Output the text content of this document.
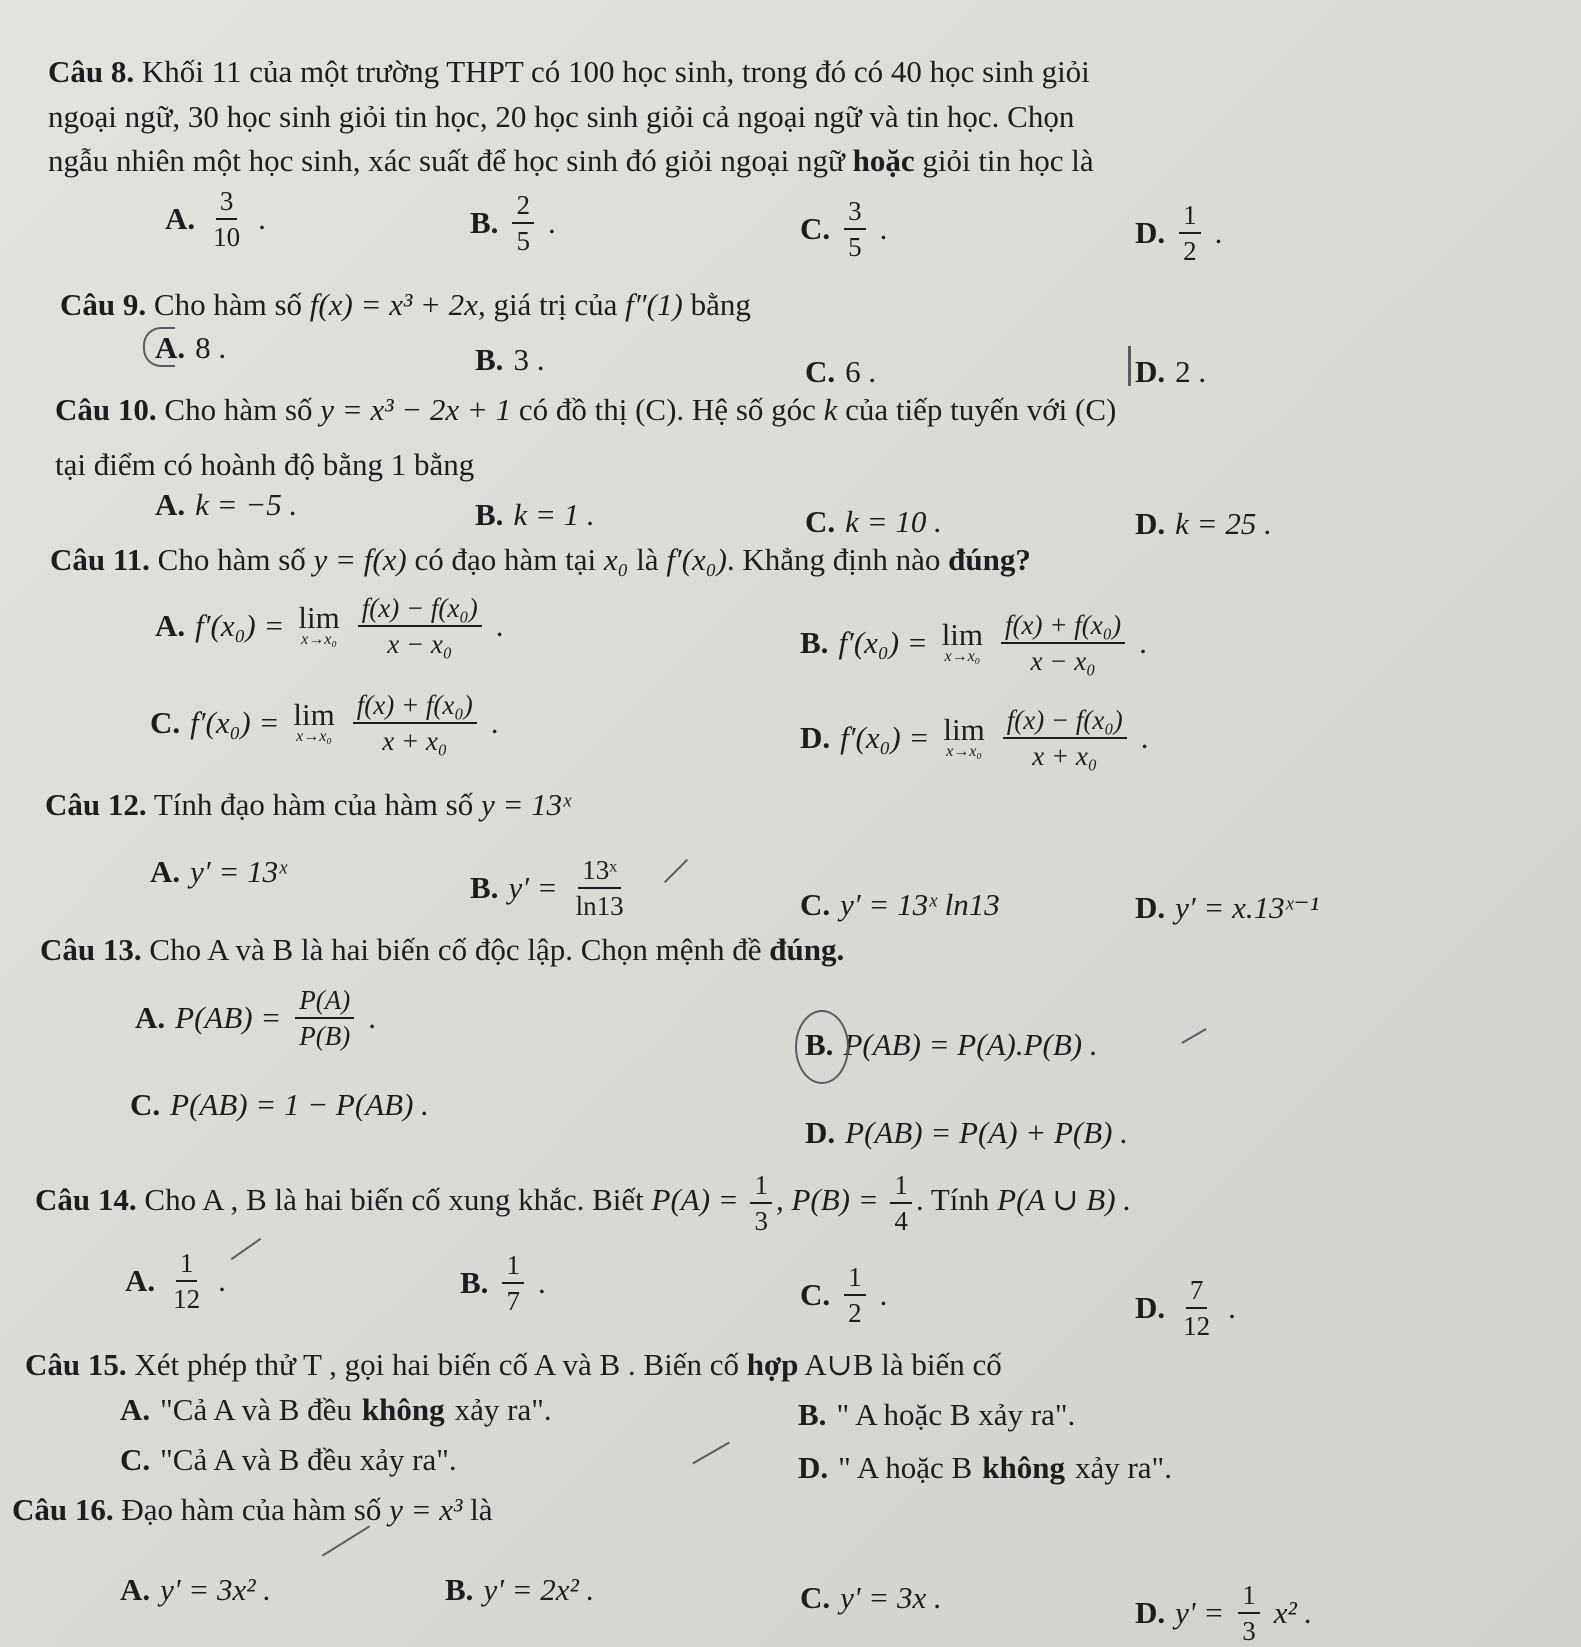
Câu 8. Khối 11 của một trường THPT có 100 học sinh, trong đó có 40 học sinh giỏi
ngoại ngữ, 30 học sinh giỏi tin học, 20 học sinh giỏi cả ngoại ngữ và tin học. Chọn
ngẫu nhiên một học sinh, xác suất để học sinh đó giỏi ngoại ngữ hoặc giỏi tin học là
A. $\frac{3}{10}$ .	B. $\frac{2}{5}$ .	C. $\frac{3}{5}$ .	D. $\frac{1}{2}$ .
Câu 9. Cho hàm số f(x) = x³ + 2x, giá trị của f″(1) bằng
A. 8 .	B. 3 .	C. 6 .	D. 2 .
Câu 10. Cho hàm số y = x³ − 2x + 1 có đồ thị (C). Hệ số góc k của tiếp tuyến với (C)
tại điểm có hoành độ bằng 1 bằng
A. k = −5 .	B. k = 1 .	C. k = 10 .	D. k = 25 .
Câu 11. Cho hàm số y = f(x) có đạo hàm tại x₀ là f′(x₀). Khẳng định nào đúng?
A. f′(x₀) = lim
$x\to x_0 \frac{\text{f(x) − f(x₀)}}{\text{x − x₀}}$ .	B. f′(x₀) = lim
$x\to x_0 \frac{\text{f(x) + f(x₀)}}{\text{x − x₀}}$ .
C. f′(x₀) = lim
$x\to x_0 \frac{\text{f(x) + f(x₀)}}{\text{x + x₀}}$ .	D. f′(x₀) = lim
$x\to x_0 \frac{\text{f(x) − f(x₀)}}{\text{x + x₀}}$ .
Câu 12. Tính đạo hàm của hàm số y = 13ˣ
A. y′ = 13ˣ	B. $y' = \frac{\text{13ˣ}}{\ln 13}$	C. y′ = 13ˣ ln13	D. y′ = x.13ˣ⁻¹
Câu 13. Cho A và B là hai biến cố độc lập. Chọn mệnh đề đúng.
A. $P(AB) = \frac{P(A)}{P(B)}$ .
B. P(AB) = P(A).P(B) .
C. P(AB) = 1 − P(AB) .
D. P(AB) = P(A) + P(B) .
Câu 14. Cho A , B là hai biến cố xung khắc. Biết $P(A) = \frac{1}{3}$ , $P(B) = \frac{1}{4}$ . Tính P(A ∪ B) .
A. $\frac{1}{12}$ .	B. $\frac{1}{7}$ .	C. $\frac{1}{2}$ .	D. $\frac{7}{12}$ .
Câu 15. Xét phép thử T , gọi hai biến cố A và B . Biến cố hợp A∪B là biến cố
A. "Cả A và B đều không xảy ra".	B. " A hoặc B xảy ra".
C. "Cả A và B đều xảy ra".	D. " A hoặc B không xảy ra".
Câu 16. Đạo hàm của hàm số y = x³ là
A. y' = 3x² .	B. y' = 2x² .	C. y' = 3x .	D. $y' = \frac{1}{3} x^2$ .
